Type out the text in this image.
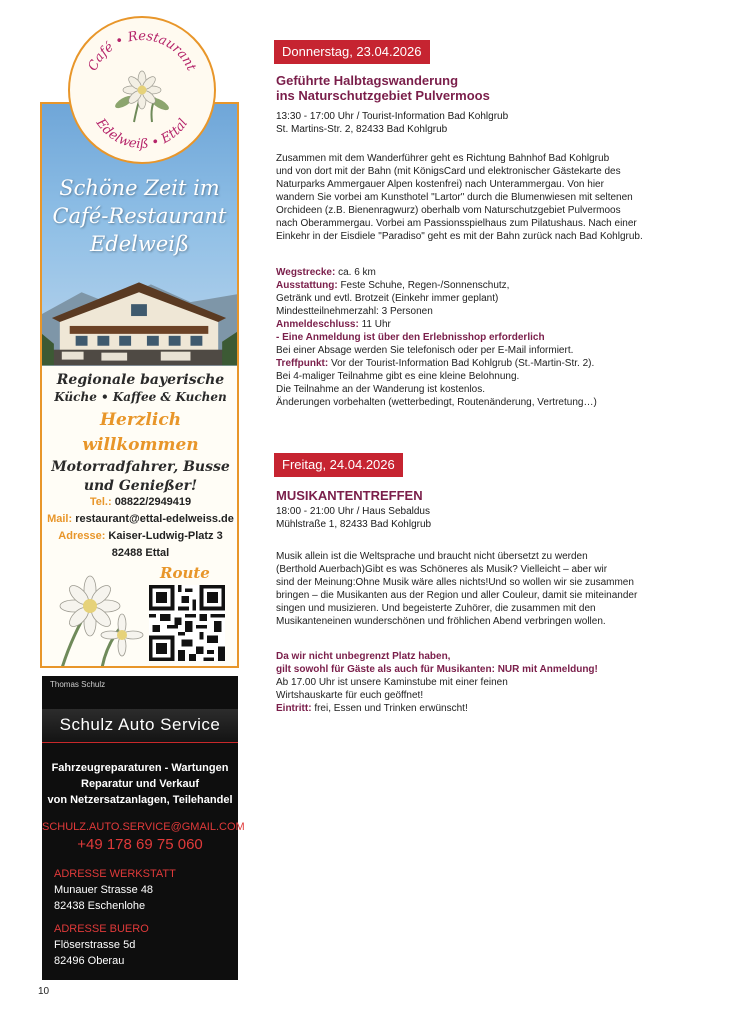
Schöne Zeit im
Café-Restaurant
Edelweiß
Regionale bayerische
Küche • Kaffee & Kuchen
Herzlich willkommen
Motorradfahrer, Busse
und Genießer!
Tel.: 08822/2949419
Mail: restaurant@ettal-edelweiss.de
Adresse: Kaiser-Ludwig-Platz 3
82488 Ettal
Route
Café • Restaurant
Edelweiß • Ettal
Thomas Schulz
Schulz Auto Service
Fahrzeugreparaturen - Wartungen
Reparatur und Verkauf
von Netzersatzanlagen, Teilehandel
SCHULZ.AUTO.SERVICE@GMAIL.COM
+49 178 69 75 060
ADRESSE WERKSTATT
Munauer Strasse 48
82438 Eschenlohe
ADRESSE BUERO
Flöserstrasse 5d
82496 Oberau
10
Donnerstag, 23.04.2026
Geführte Halbtagswanderung
ins Naturschutzgebiet Pulvermoos
13:30 - 17:00 Uhr / Tourist-Information Bad Kohlgrub
St. Martins-Str. 2, 82433 Bad Kohlgrub

Zusammen mit dem Wanderführer geht es Richtung Bahnhof Bad Kohlgrub

und von dort mit der Bahn (mit KönigsCard und elektronischer Gästekarte des

Naturparks Ammergauer Alpen kostenfrei) nach Unterammergau. Von hier

wandern Sie vorbei am Kunsthotel "Lartor" durch die Blumenwiesen mit seltenen

Orchideen (z.B. Bienenragwurz) oberhalb vom Naturschutzgebiet Pulvermoos

nach Oberammergau. Vorbei am Passionsspielhaus zum Pilatushaus. Nach einer

Einkehr in der Eisdiele "Paradiso" geht es mit der Bahn zurück nach Bad Kohlgrub.

Wegstrecke: ca. 6 km

Ausstattung: Feste Schuhe, Regen-/Sonnenschutz,

Getränk und evtl. Brotzeit (Einkehr immer geplant)

Mindestteilnehmerzahl: 3 Personen

Anmeldeschluss: 11 Uhr

- Eine Anmeldung ist über den Erlebnisshop erforderlich

Bei einer Absage werden Sie telefonisch oder per E-Mail informiert.

Treffpunkt: Vor der Tourist-Information Bad Kohlgrub (St.-Martin-Str. 2).

Bei 4-maliger Teilnahme gibt es eine kleine Belohnung.

Die Teilnahme an der Wanderung ist kostenlos.

Änderungen vorbehalten (wetterbedingt, Routenänderung, Vertretung…)

Freitag, 24.04.2026
MUSIKANTENTREFFEN
18:00 - 21:00 Uhr / Haus Sebaldus
Mühlstraße 1, 82433 Bad Kohlgrub

Musik allein ist die Weltsprache und braucht nicht übersetzt zu werden

(Berthold Auerbach)Gibt es was Schöneres als Musik? Vielleicht – aber wir

sind der Meinung:Ohne Musik wäre alles nichts!Und so wollen wir sie zusammen

bringen – die Musikanten aus der Region und aller Couleur, damit sie miteinander

singen und musizieren. Und begeisterte Zuhörer, die zusammen mit den

Musikanteneinen wunderschönen und fröhlichen Abend verbringen wollen.

Da wir nicht unbegrenzt Platz haben,

gilt sowohl für Gäste als auch für Musikanten: NUR mit Anmeldung!

Ab 17.00 Uhr ist unsere Kaminstube mit einer feinen

Wirtshauskarte für euch geöffnet!

Eintritt: frei, Essen und Trinken erwünscht!
